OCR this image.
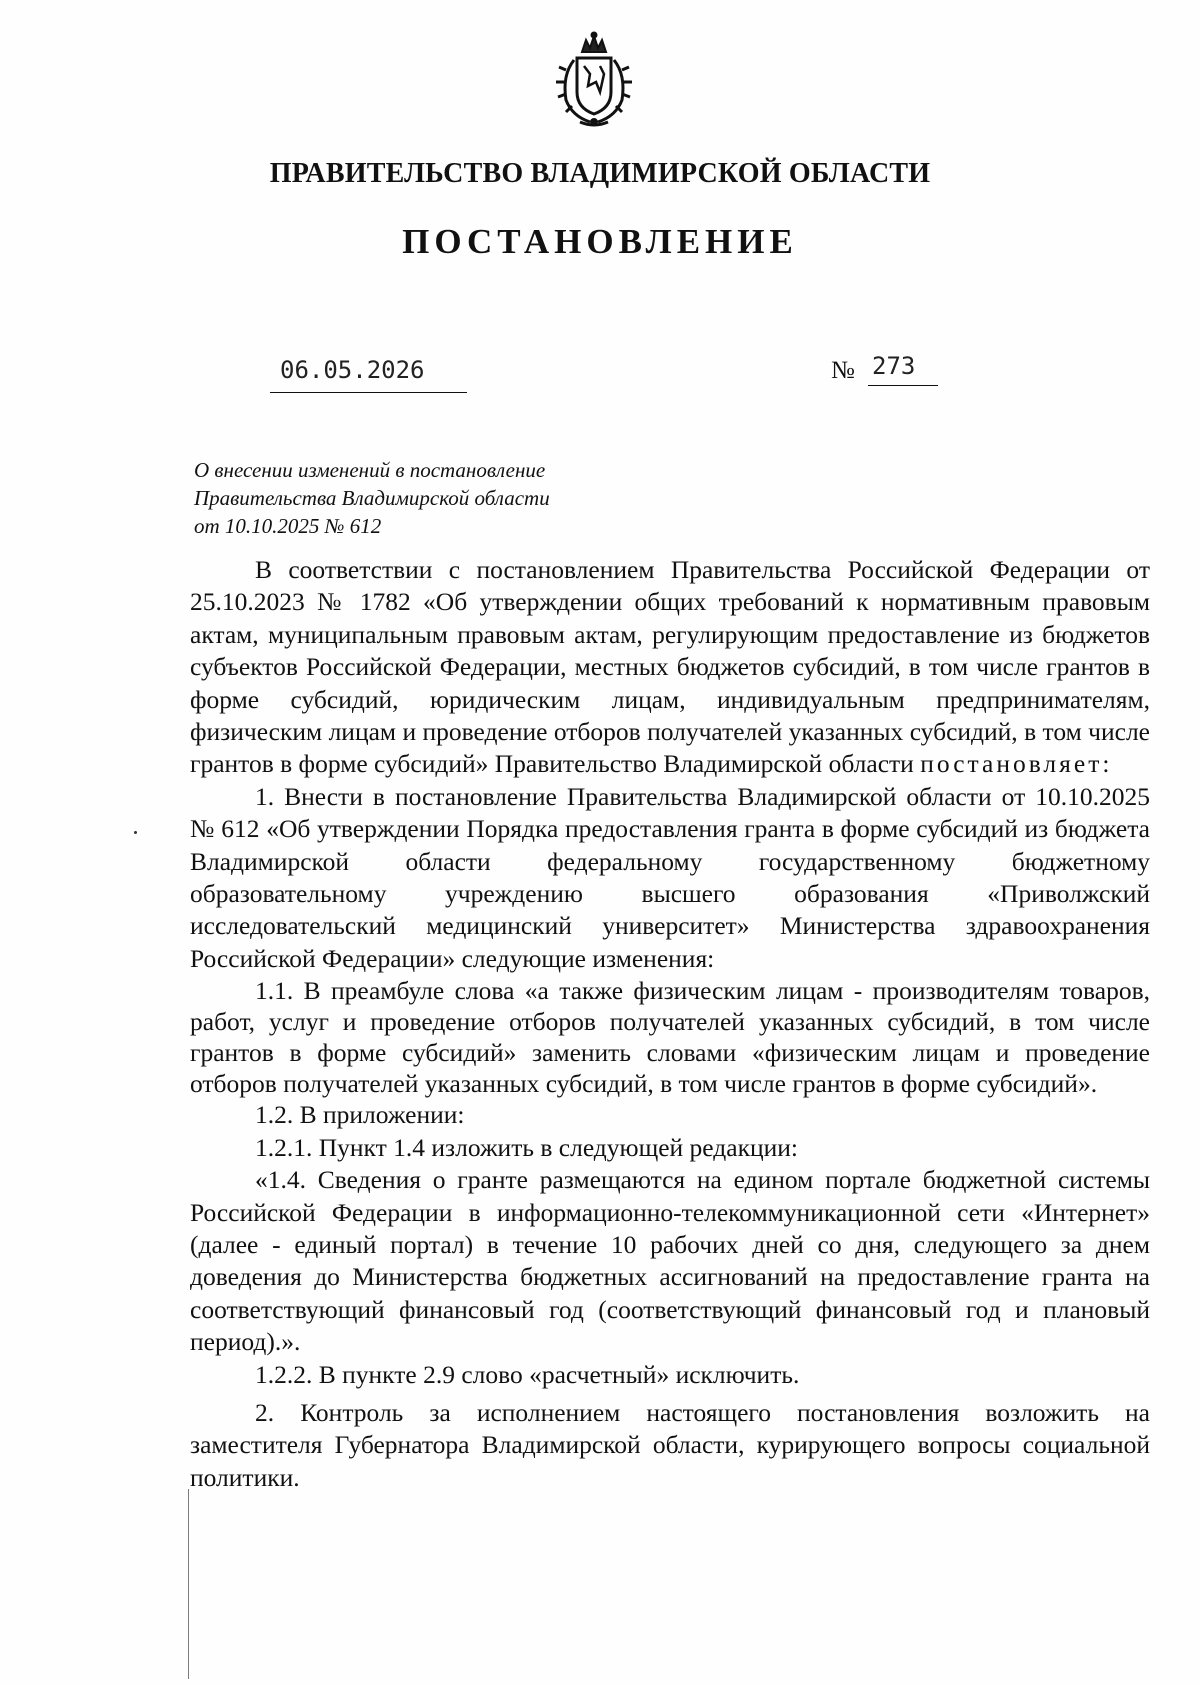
ПРАВИТЕЛЬСТВО ВЛАДИМИРСКОЙ ОБЛАСТИ
ПОСТАНОВЛЕНИЕ
06.05.2026	№ 273
О внесении изменений в постановление
Правительства Владимирской области
от 10.10.2025 № 612
В соответствии с постановлением Правительства Российской Федерации от 25.10.2023 № 1782 «Об утверждении общих требований к нормативным правовым актам, муниципальным правовым актам, регулирующим предоставление из бюджетов субъектов Российской Федерации, местных бюджетов субсидий, в том числе грантов в форме субсидий, юридическим лицам, индивидуальным предпринимателям, физическим лицам и проведение отборов получателей указанных субсидий, в том числе грантов в форме субсидий» Правительство Владимирской области постановляет:
1. Внести в постановление Правительства Владимирской области от 10.10.2025 № 612 «Об утверждении Порядка предоставления гранта в форме субсидий из бюджета Владимирской области федеральному государственному бюджетному образовательному учреждению высшего образования «Приволжский исследовательский медицинский университет» Министерства здравоохранения Российской Федерации» следующие изменения:
1.1. В преамбуле слова «а также физическим лицам - производителям товаров, работ, услуг и проведение отборов получателей указанных субсидий, в том числе грантов в форме субсидий» заменить словами «физическим лицам и проведение отборов получателей указанных субсидий, в том числе грантов в форме субсидий».
1.2. В приложении:
1.2.1. Пункт 1.4 изложить в следующей редакции:
«1.4. Сведения о гранте размещаются на едином портале бюджетной системы Российской Федерации в информационно-телекоммуникационной сети «Интернет» (далее - единый портал) в течение 10 рабочих дней со дня, следующего за днем доведения до Министерства бюджетных ассигнований на предоставление гранта на соответствующий финансовый год (соответствующий финансовый год и плановый период).».
1.2.2. В пункте 2.9 слово «расчетный» исключить.
2. Контроль за исполнением настоящего постановления возложить на заместителя Губернатора Владимирской области, курирующего вопросы социальной политики.
